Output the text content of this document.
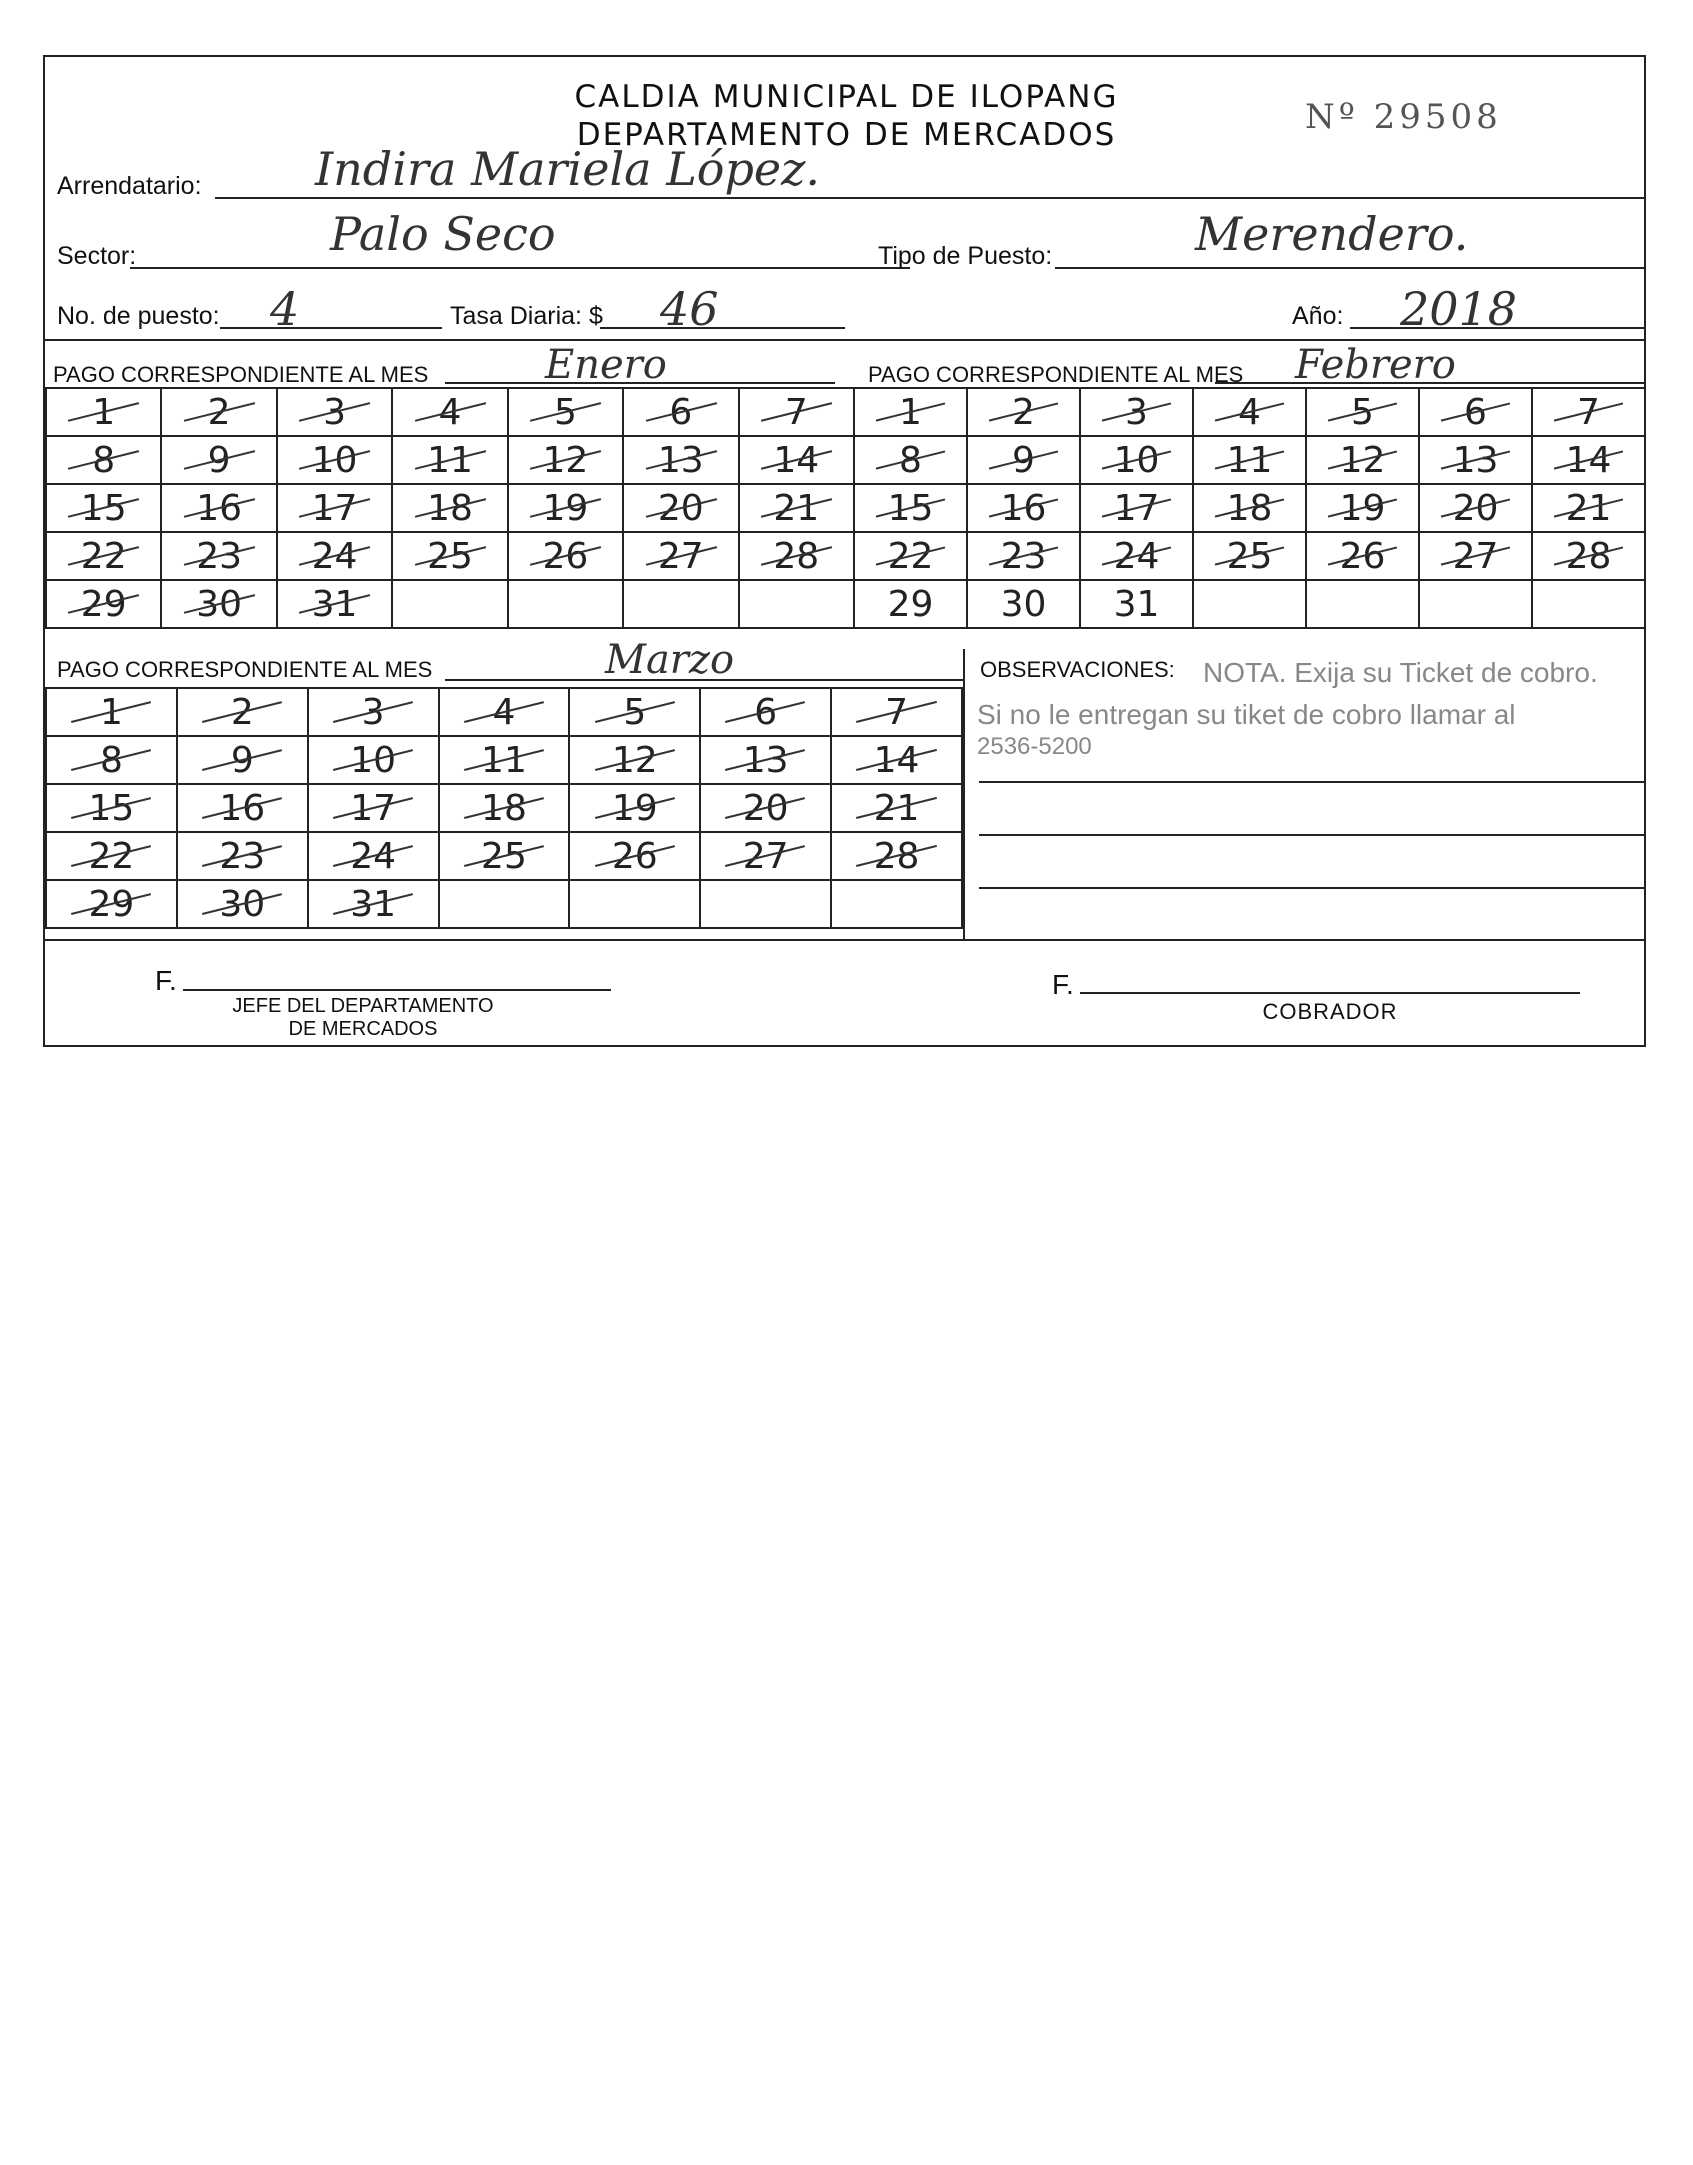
CALDIA MUNICIPAL DE ILOPANG
DEPARTAMENTO DE MERCADOS	Nº 29508
Arrendatario: Indira Mariela López.
Sector:	Palo Seco	Tipo de Puesto:	Merendero.
No. de puesto: 4	Tasa Diaria: $ 46	Año: 2018
PAGO CORRESPONDIENTE AL MES	Enero	PAGO CORRESPONDIENTE AL MES Febrero
1	2	3	4	5	6	7
8	9	10	11	12	13	14
15	16	17	18	19	20	21
22	23	24	25	26	27	28
29	30	31				
1	2	3	4	5	6	7
8	9	10	11	12	13	14
15	16	17	18	19	20	21
22	23	24	25	26	27	28
29	30	31				
PAGO CORRESPONDIENTE AL MES	Marzo
1	2	3	4	5	6	7
8	9	10	11	12	13	14
15	16	17	18	19	20	21
22	23	24	25	26	27	28
29	30	31				
OBSERVACIONES: NOTA. Exija su Ticket de cobro.
Si no le entregan su tiket de cobro llamar al
2536-5200
F.
JEFE DEL DEPARTAMENTO
DE MERCADOS
F.
COBRADOR
